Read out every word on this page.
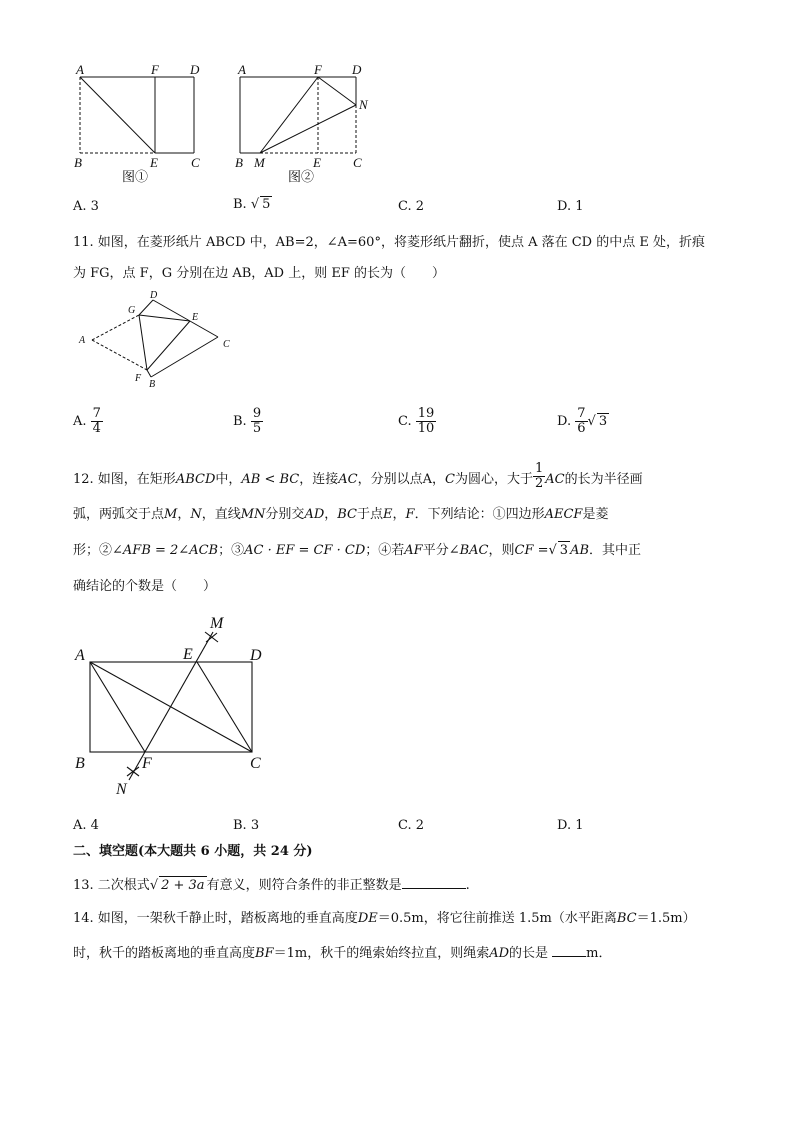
A	F D
B	E	C
图①
A	F D
N
B M	E C
图②
A. 3	B. √ 5	C. 2	D. 1
11. 如图，在菱形纸片 ABCD 中，AB=2，∠A=60°，将菱形纸片翻折，使点 A 落在 CD 的中点 E 处，折痕
为 FG，点 F，G 分别在边 AB，AD 上，则 EF 的长为（　　）
D
G
E
A	C
F
B
A. $\frac{7}{4}$	B. $\frac{9}{5}$	C. $\frac{19}{10}$	D. $\frac{7}{6}$ √ 3
12. 如图，在矩形ABCD中，AB < BC，连接AC，分别以点A，C为圆心，大于 $\frac{1}{2}$ AC的长为半径画
弧，两弧交于点M，N，直线MN分别交AD，BC于点E，F．下列结论：①四边形AECF是菱
形；②∠AFB = 2∠ACB；③AC · EF = CF · CD；④若AF平分∠BAC，则CF =√ 3 AB．其中正
确结论的个数是（　　）
M
A	E	D
B	F	C
N
A. 4	B. 3	C. 2	D. 1
二、填空题(本大题共 6 小题，共 24 分)
13. 二次根式√ 2 + 3a 有意义，则符合条件的非正整数是	.
14. 如图，一架秋千静止时，踏板离地的垂直高度DE＝0.5m，将它往前推送 1.5m（水平距离BC＝1.5m）
时，秋千的踏板离地的垂直高度BF＝1m，秋千的绳索始终拉直，则绳索AD的长是	m．
